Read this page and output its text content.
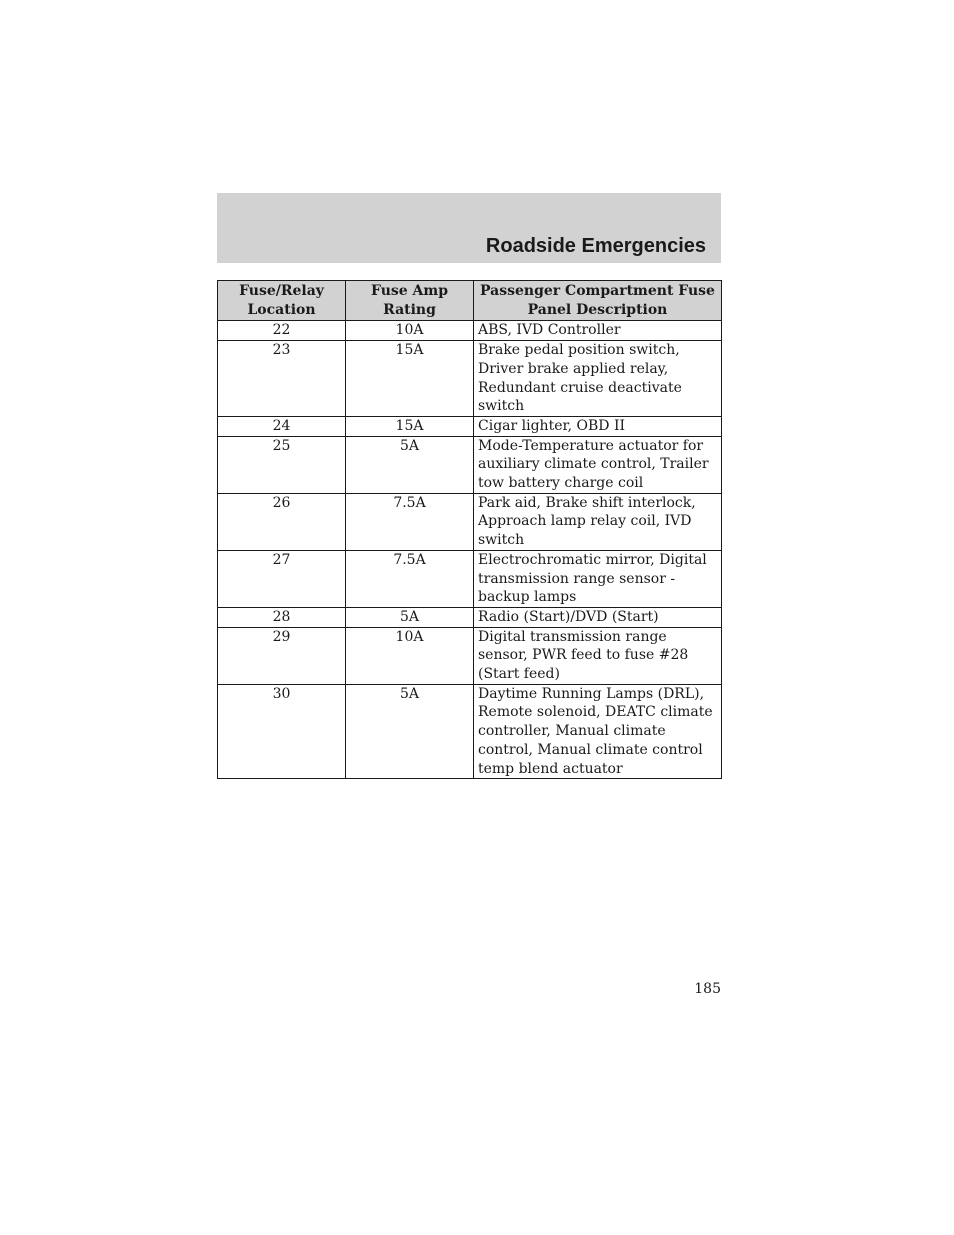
Roadside Emergencies
Fuse/Relay Location	Fuse Amp Rating	Passenger Compartment Fuse Panel Description
22	10A	ABS, IVD Controller
23	15A	Brake pedal position switch, Driver brake applied relay, Redundant cruise deactivate switch
24	15A	Cigar lighter, OBD II
25	5A	Mode-Temperature actuator for auxiliary climate control, Trailer tow battery charge coil
26	7.5A	Park aid, Brake shift interlock, Approach lamp relay coil, IVD switch
27	7.5A	Electrochromatic mirror, Digital transmission range sensor - backup lamps
28	5A	Radio (Start)/DVD (Start)
29	10A	Digital transmission range sensor, PWR feed to fuse #28 (Start feed)
30	5A	Daytime Running Lamps (DRL), Remote solenoid, DEATC climate controller, Manual climate control, Manual climate control temp blend actuator
185
